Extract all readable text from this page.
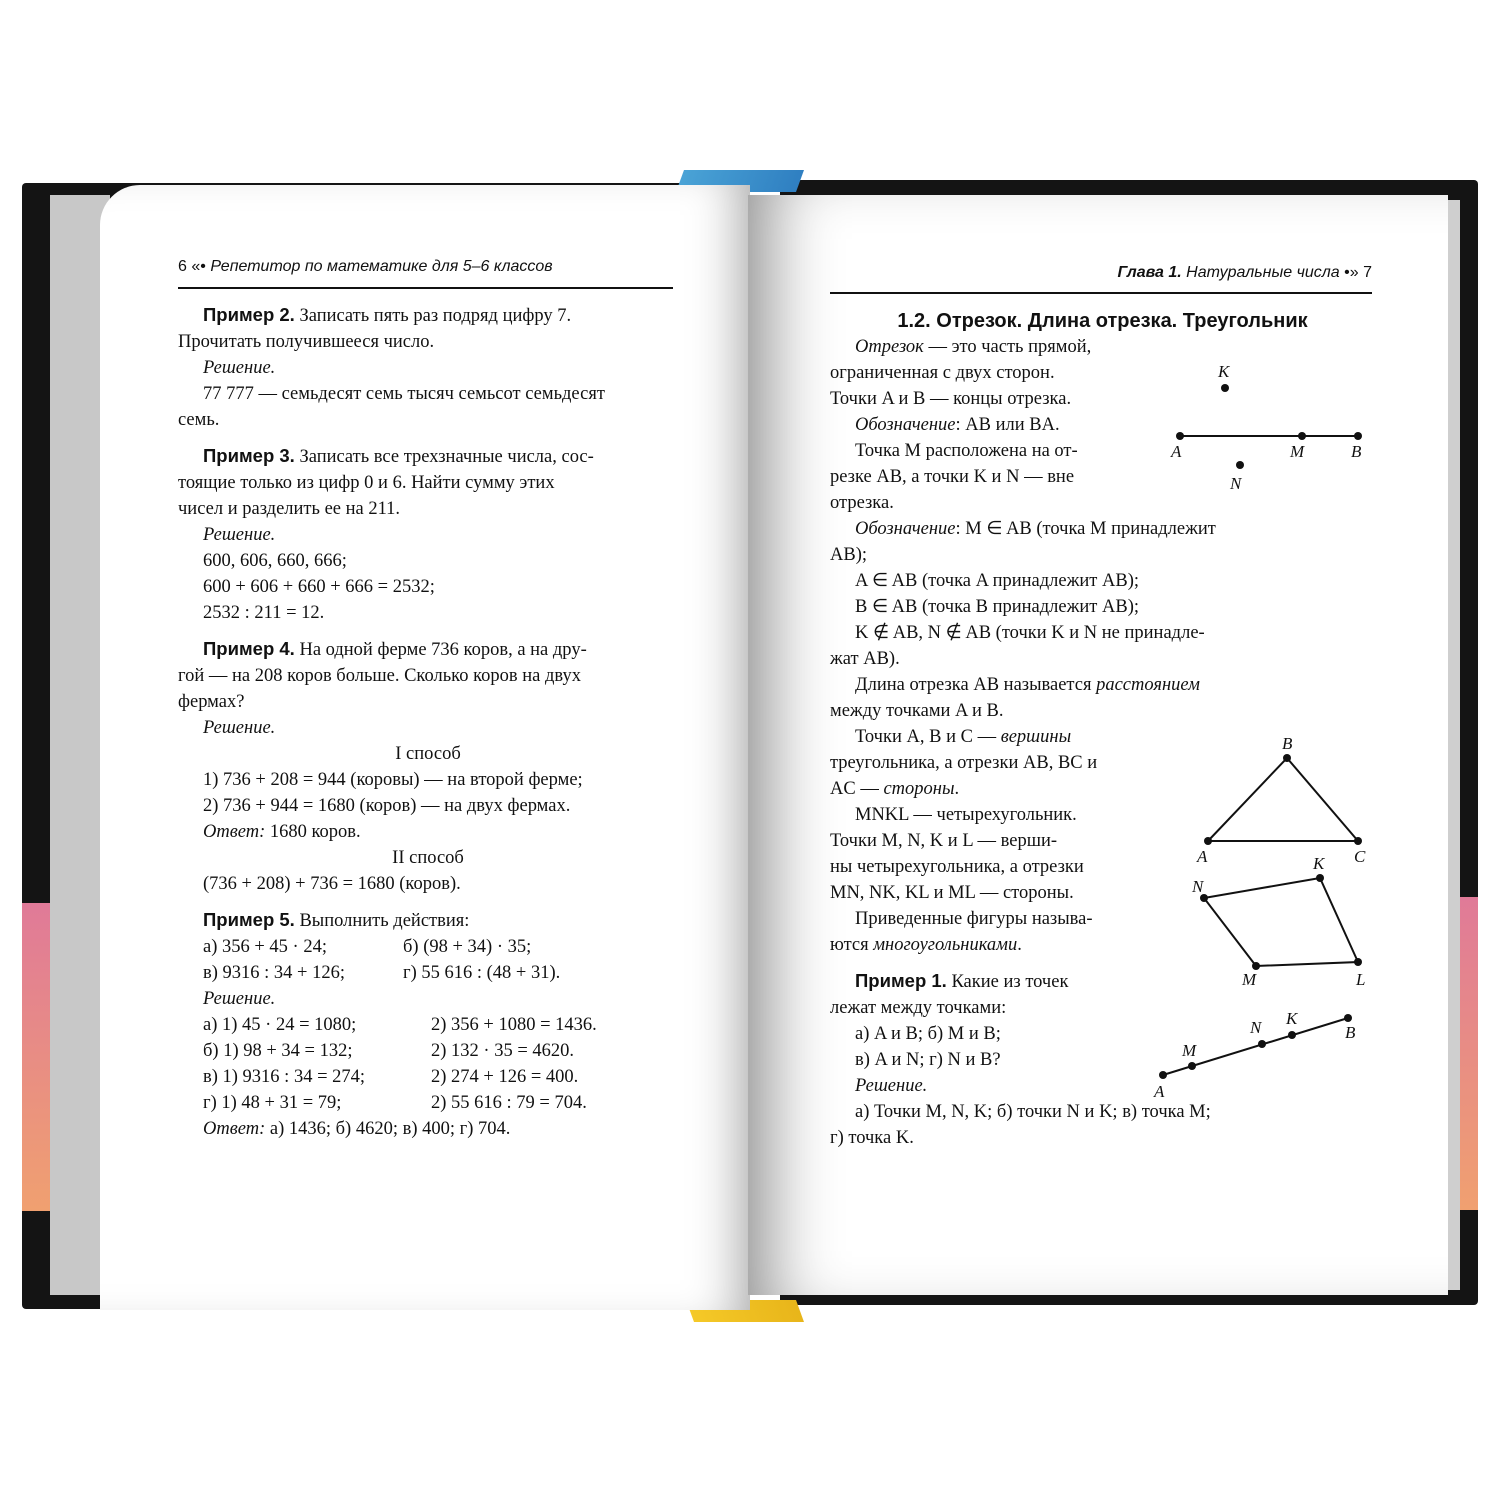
6 «• Репетитор по математике для 5–6 классов	Глава 1. Натуральные числа •» 7

Пример 2. Записать пять раз подряд цифру 7.

Прочитать получившееся число.

Решение.

77 777 — семьдесят семь тысяч семьсот семьдесят

семь.

Пример 3. Записать все трехзначные числа, сос-

тоящие только из цифр 0 и 6. Найти сумму этих

чисел и разделить ее на 211.

Решение.

600, 606, 660, 666;

600 + 606 + 660 + 666 = 2532;

2532 : 211 = 12.

Пример 4. На одной ферме 736 коров, а на дру-

гой — на 208 коров больше. Сколько коров на двух

фермах?

Решение.

I способ

1) 736 + 208 = 944 (коровы) — на второй ферме;

2) 736 + 944 = 1680 (коров) — на двух фермах.

Ответ: 1680 коров.

II способ

(736 + 208) + 736 = 1680 (коров).

Пример 5. Выполнить действия:

а) 356 + 45 · 24;	б) (98 + 34) · 35;
в) 9316 : 34 + 126;	г) 55 616 : (48 + 31).

Решение.

а) 1) 45 · 24 = 1080;	2) 356 + 1080 = 1436.
б) 1) 98 + 34 = 132;	2) 132 · 35 = 4620.
в) 1) 9316 : 34 = 274;	2) 274 + 126 = 400.
г) 1) 48 + 31 = 79;	2) 55 616 : 79 = 704.

Ответ: а) 1436; б) 4620; в) 400; г) 704.

1.2. Отрезок. Длина отрезка. Треугольник

Отрезок — это часть прямой,

ограниченная с двух сторон.

Точки A и B — концы отрезка.

Обозначение: AB или BA.

Точка M расположена на от-

резке AB, а точки K и N — вне

отрезка.

Обозначение: M ∈ AB (точка M принадлежит

AB);

A ∈ AB (точка A принадлежит AB);

B ∈ AB (точка B принадлежит AB);

K ∉ AB, N ∉ AB (точки K и N не принадле-

жат AB).

Длина отрезка AB называется расстоянием

между точками A и B.

Точки A, B и C — вершины

треугольника, а отрезки AB, BC и

AC — стороны.

MNKL — четырехугольник.

Точки M, N, K и L — верши-

ны четырехугольника, а отрезки

MN, NK, KL и ML — стороны.

Приведенные фигуры называ-

ются многоугольниками.

Пример 1. Какие из точек

лежат между точками:

а) A и B; б) M и B;

в) A и N; г) N и B?

Решение.

а) Точки M, N, K; б) точки N и K; в) точка M;

г) точка K.

A	M	B
K
N
A
B
C
N
K
L
M
A
M
N K
B
